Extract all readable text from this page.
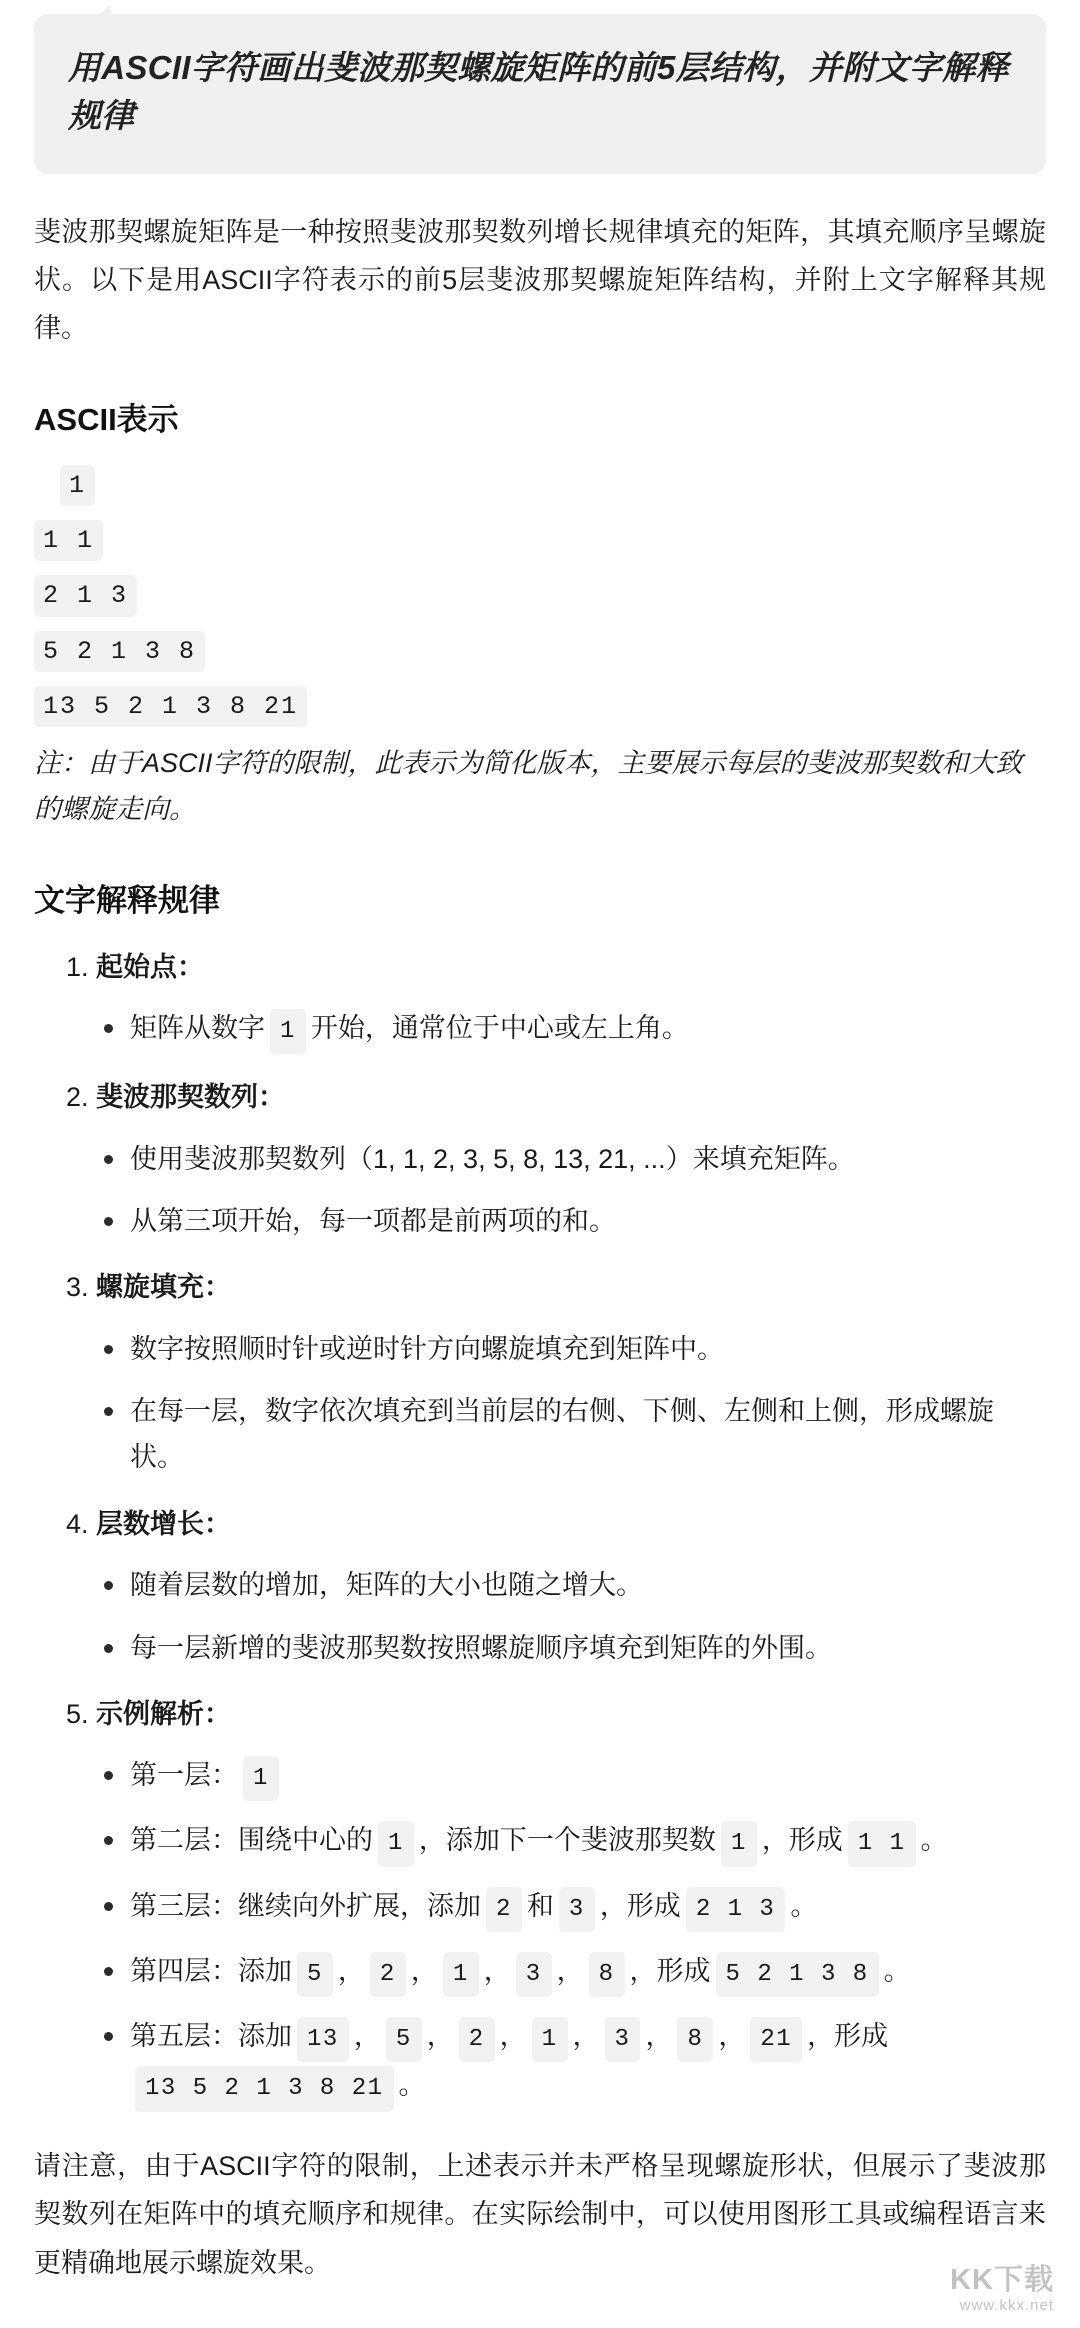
用ASCII字符画出斐波那契螺旋矩阵的前5层结构，并附文字解释规律

斐波那契螺旋矩阵是一种按照斐波那契数列增长规律填充的矩阵，其填充顺序呈螺旋状。以下是用ASCII字符表示的前5层斐波那契螺旋矩阵结构，并附上文字解释其规律。

ASCII表示
1
1 1
2 1 3
5 2 1 3 8
13 5 2 1 3 8 21

注：由于ASCII字符的限制，此表示为简化版本，主要展示每层的斐波那契数和大致的螺旋走向。

文字解释规律
1. 起始点：
矩阵从数字 1 开始，通常位于中心或左上角。
2. 斐波那契数列：
使用斐波那契数列（1, 1, 2, 3, 5, 8, 13, 21, ...）来填充矩阵。
从第三项开始，每一项都是前两项的和。
3. 螺旋填充：
数字按照顺时针或逆时针方向螺旋填充到矩阵中。
在每一层，数字依次填充到当前层的右侧、下侧、左侧和上侧，形成螺旋状。
4. 层数增长：
随着层数的增加，矩阵的大小也随之增大。
每一层新增的斐波那契数按照螺旋顺序填充到矩阵的外围。
5. 示例解析：
第一层： 1
第二层：围绕中心的 1 ，添加下一个斐波那契数 1 ，形成 1 1 。
第三层：继续向外扩展，添加 2 和 3 ，形成 2 1 3 。
第四层：添加 5 ， 2 ， 1 ， 3 ， 8 ，形成 5 2 1 3 8 。
第五层：添加 13 ， 5 ， 2 ， 1 ， 3 ， 8 ， 21 ，形成13 5 2 1 3 8 21 。

请注意，由于ASCII字符的限制，上述表示并未严格呈现螺旋形状，但展示了斐波那契数列在矩阵中的填充顺序和规律。在实际绘制中，可以使用图形工具或编程语言来更精确地展示螺旋效果。

KK下载
www.kkx.net
